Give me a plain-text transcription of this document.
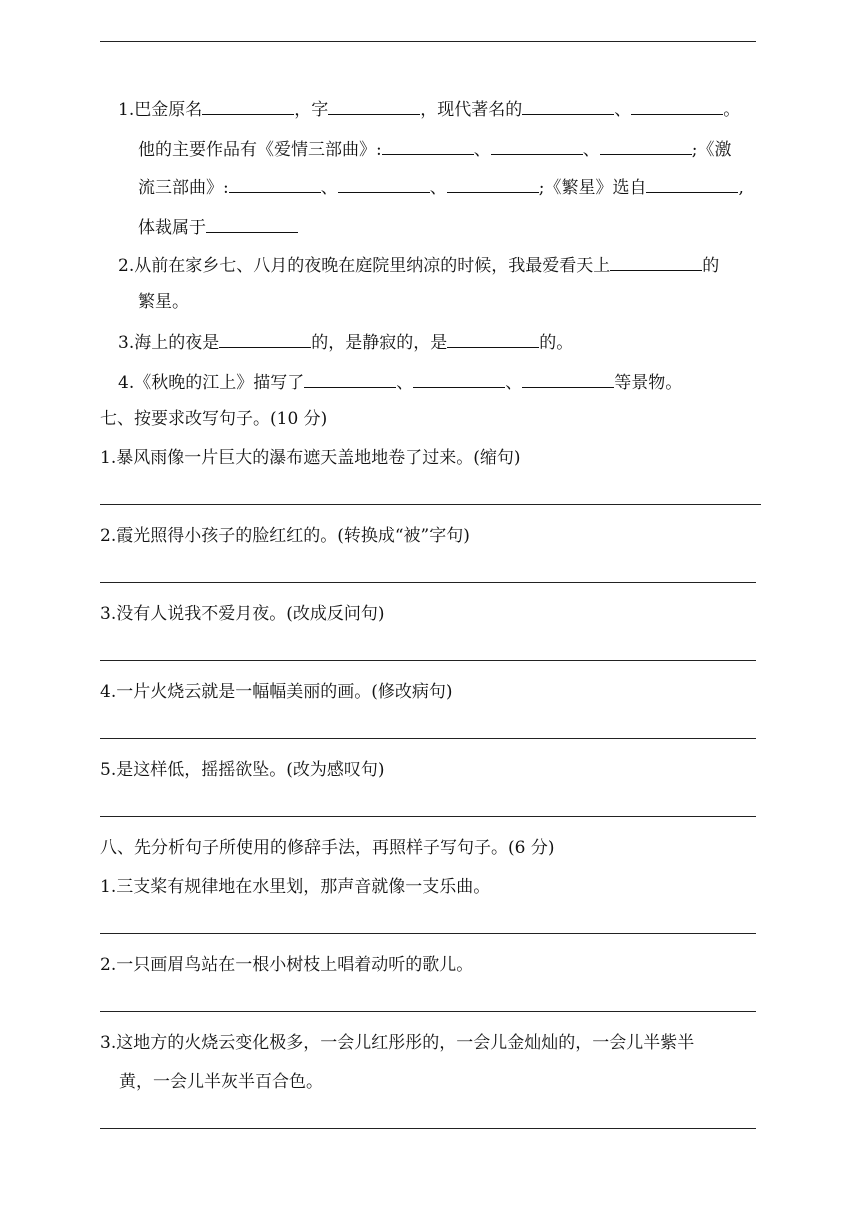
1.巴金原名	，字	，现代著名的	、	。
他的主要作品有《爱情三部曲》:	、	、	;《激
流三部曲》:	、	、	;《繁星》选自	,
体裁属于
2.从前在家乡七、八月的夜晚在庭院里纳凉的时候，我最爱看天上	的
繁星。
3.海上的夜是	的，是静寂的，是	的。
4.《秋晚的江上》描写了	、	、	等景物。
七、按要求改写句子。(10 分)
1.暴风雨像一片巨大的瀑布遮天盖地地卷了过来。(缩句)
2.霞光照得小孩子的脸红红的。(转换成“被”字句)
3.没有人说我不爱月夜。(改成反问句)
4.一片火烧云就是一幅幅美丽的画。(修改病句)
5.是这样低，摇摇欲坠。(改为感叹句)
八、先分析句子所使用的修辞手法，再照样子写句子。(6 分)
1.三支桨有规律地在水里划，那声音就像一支乐曲。
2.一只画眉鸟站在一根小树枝上唱着动听的歌儿。
3.这地方的火烧云变化极多，一会儿红彤彤的，一会儿金灿灿的，一会儿半紫半
黄，一会儿半灰半百合色。
